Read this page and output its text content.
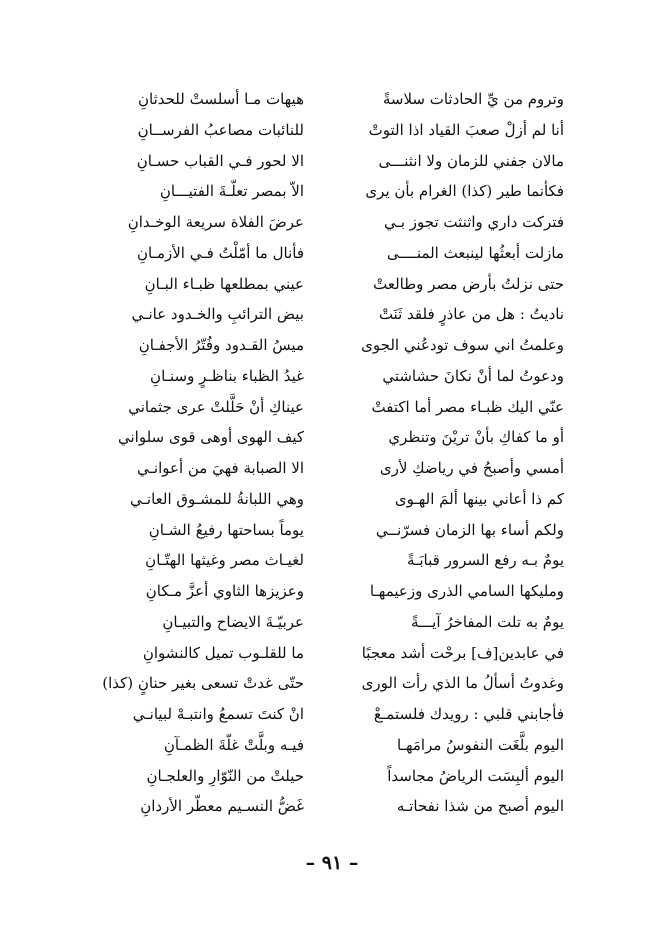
وتروم من يِّ الحادثات سلاسةً
أنا لم أزلْ صعبَ القياد اذا التوتْ
مالان جفني للزمان ولا انثنـــى
فكأنما طير (كذا) الغرام بأن يرى
فتركت داري واثنثت تجوز بـي
مازلت أبعثُها لينبعث المنــــى
حتى نزلتُ بأرض مصر وطالعتْ
ناديتُ : هل من عاذرٍ فلقد ثَنَتْ
وعلمتُ اني سوف تودعُني الجوى
ودعوتُ لما أنْ نكانَ حشاشتي
عنّي اليك ظبـاء مصر أما اكتفتْ
أو ما كفاكِ بأنْ تريْنَ وتنظري
أمسي وأصبحُ في رياضكِ لأرى
كم ذا أعاني بينها ألمَ الهـوى
ولكم أساء بها الزمان فسرّنــي
يومٌ بـه رفع السرور قبابَـةً
ومليكها السامي الذرى وزعيمهـا
يومٌ به تلت المفاخرُ آيـــةً
في عابدين[ف] برحْت أشد معجبًا
وغدوتُ أسألُ ما الذي رأت الورى
فأجابني قلبي : رويدك فلستمـعْ
اليوم بلَّغَت النفوسُ مرامَهـا
اليوم ألبِسَت الرياضُ مجاسداً
اليوم أصبح من شذا نفحاتـه
هيهات مـا أسلستْ للحدثانِ
للنائبات مصاعبُ الفرســانِ
الا لحور فـي القباب حسـانِ
الاّ بمصر تعلّـةَ الفتيـــانِ
عرضَ الفلاة سريعة الوخـدانِ
فأنال ما أمّلْتُ فـي الأزمـانِ
عيني بمطلعها ظبـاء البـانِ
بيض الترائبِ والخـدود عانـي
ميسُ القـدود وفُتّرُ الأجفـانِ
غيدُ الظباء بناظـرٍ وسنـانِ
عيناكِ أنْ حَلَّلتْ عرى جثماني
كيف الهوى أوهى قوى سلواني
الا الصبابة فهيَ من أعوانـي
وهي اللبانةُ للمشـوق العانـي
يوماً بساحتها رفيعُ الشـانِ
لغيـاث مصر وغيثها الهتّـانِ
وعزيزها الثاوي أعزَّ مـكانِ
عربيّـةَ الايضاح والتبيـانِ
ما للقلـوب تميل كالنشوانِ
حتّى غدتْ تسعى بغير حنانٍ (كذا)
انْ كنتَ تسمعُ وانتبـهْ لبيانـي
فيـه وبلَّتْ غلّةَ الظمـآنِ
حيلتْ من النّوّارِ والعلجـانِ
غَضُّ النسـيم معطّر الأردانِ
– ٩١ –
